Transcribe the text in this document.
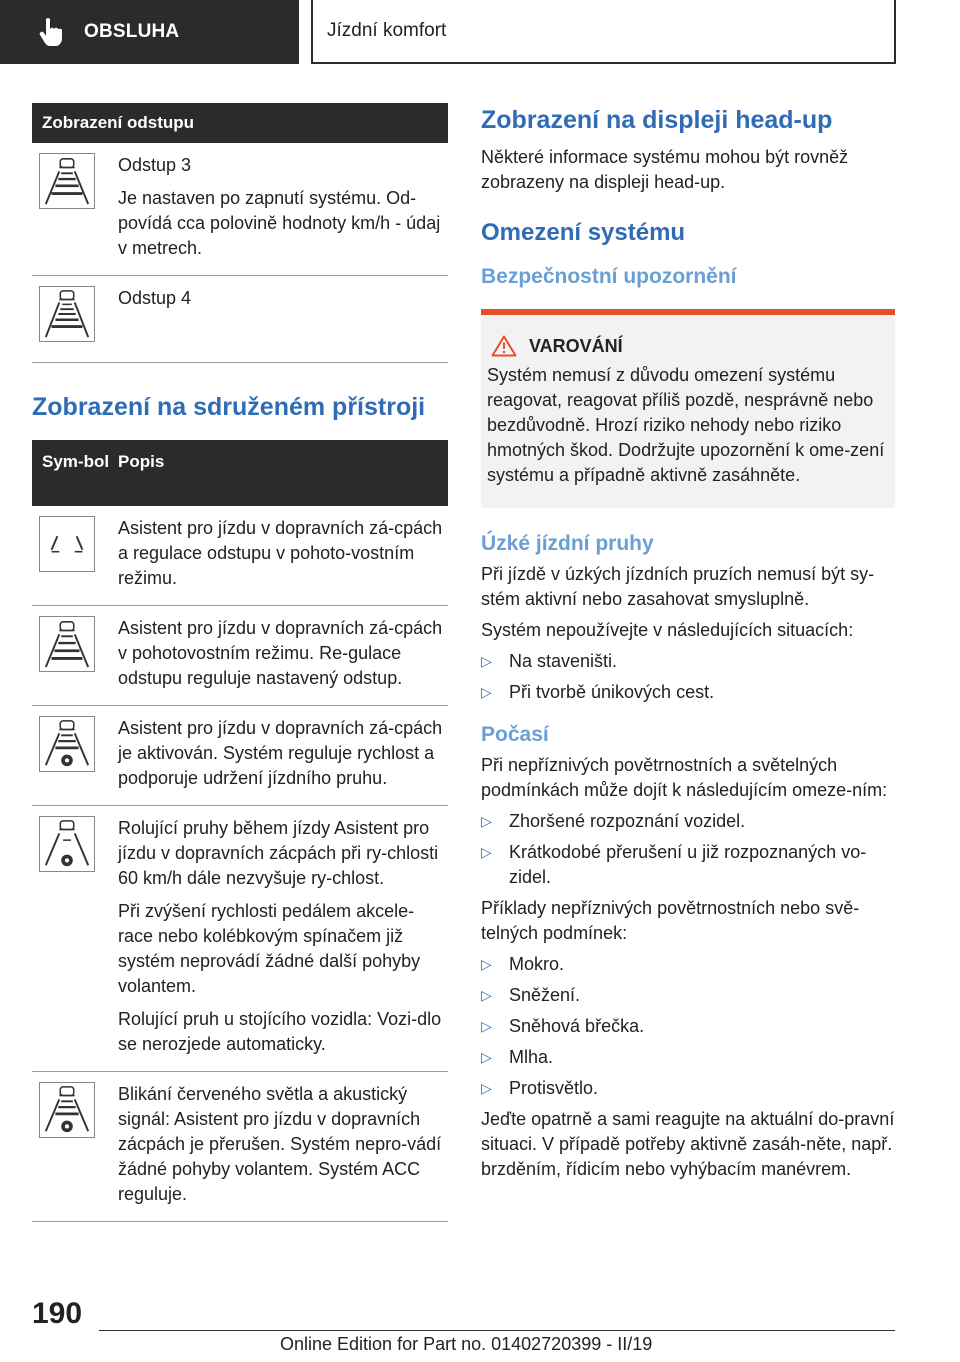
OBSLUHA	Jízdní komfort
Zobrazení odstupu

Odstup 3

Je nastaven po zapnutí systému. Od-povídá cca polovině hodnoty km/h - údaj v metrech.

Odstup 4

Zobrazení na sdruženém přístroji
Sym-bol Popis

Asistent pro jízdu v dopravních zá-cpách a regulace odstupu v pohoto-vostním režimu.

Asistent pro jízdu v dopravních zá-cpách v pohotovostním režimu. Re-gulace odstupu reguluje nastavený odstup.

Asistent pro jízdu v dopravních zá-cpách je aktivován. Systém reguluje rychlost a podporuje udržení jízdního pruhu.

Rolující pruhy během jízdy Asistent pro jízdu v dopravních zácpách při ry-chlosti 60 km/h dále nezvyšuje ry-chlost.

Při zvýšení rychlosti pedálem akcele-race nebo kolébkovým spínačem již systém neprovádí žádné další pohyby volantem.

Rolující pruh u stojícího vozidla: Vozi-dlo se nerozjede automaticky.

Blikání červeného světla a akustický signál: Asistent pro jízdu v dopravních zácpách je přerušen. Systém nepro-vádí žádné pohyby volantem. Systém ACC reguluje.

Zobrazení na displeji head-up

Některé informace systému mohou být rovněž zobrazeny na displeji head-up.

Omezení systému
Bezpečnostní upozornění
VAROVÁNÍ

Systém nemusí z důvodu omezení systému reagovat, reagovat příliš pozdě, nesprávně nebo bezdůvodně. Hrozí riziko nehody nebo riziko hmotných škod. Dodržujte upozornění k ome-zení systému a případně aktivně zasáhněte.

Úzké jízdní pruhy

Při jízdě v úzkých jízdních pruzích nemusí být sy-stém aktivní nebo zasahovat smysluplně.

Systém nepoužívejte v následujících situacích:

▷ Na staveništi.
▷ Při tvorbě únikových cest.
Počasí

Při nepříznivých povětrnostních a světelných podmínkách může dojít k následujícím omeze-ním:

▷ Zhoršené rozpoznání vozidel.
▷ Krátkodobé přerušení u již rozpoznaných vo-zidel.

Příklady nepříznivých povětrnostních nebo svě-telných podmínek:

▷ Mokro.
▷ Sněžení.
▷ Sněhová břečka.
▷ Mlha.
▷ Protisvětlo.

Jeďte opatrně a sami reagujte na aktuální do-pravní situaci. V případě potřeby aktivně zasáh-něte, např. brzděním, řídicím nebo vyhýbacím manévrem.

190
Online Edition for Part no. 01402720399 - II/19
